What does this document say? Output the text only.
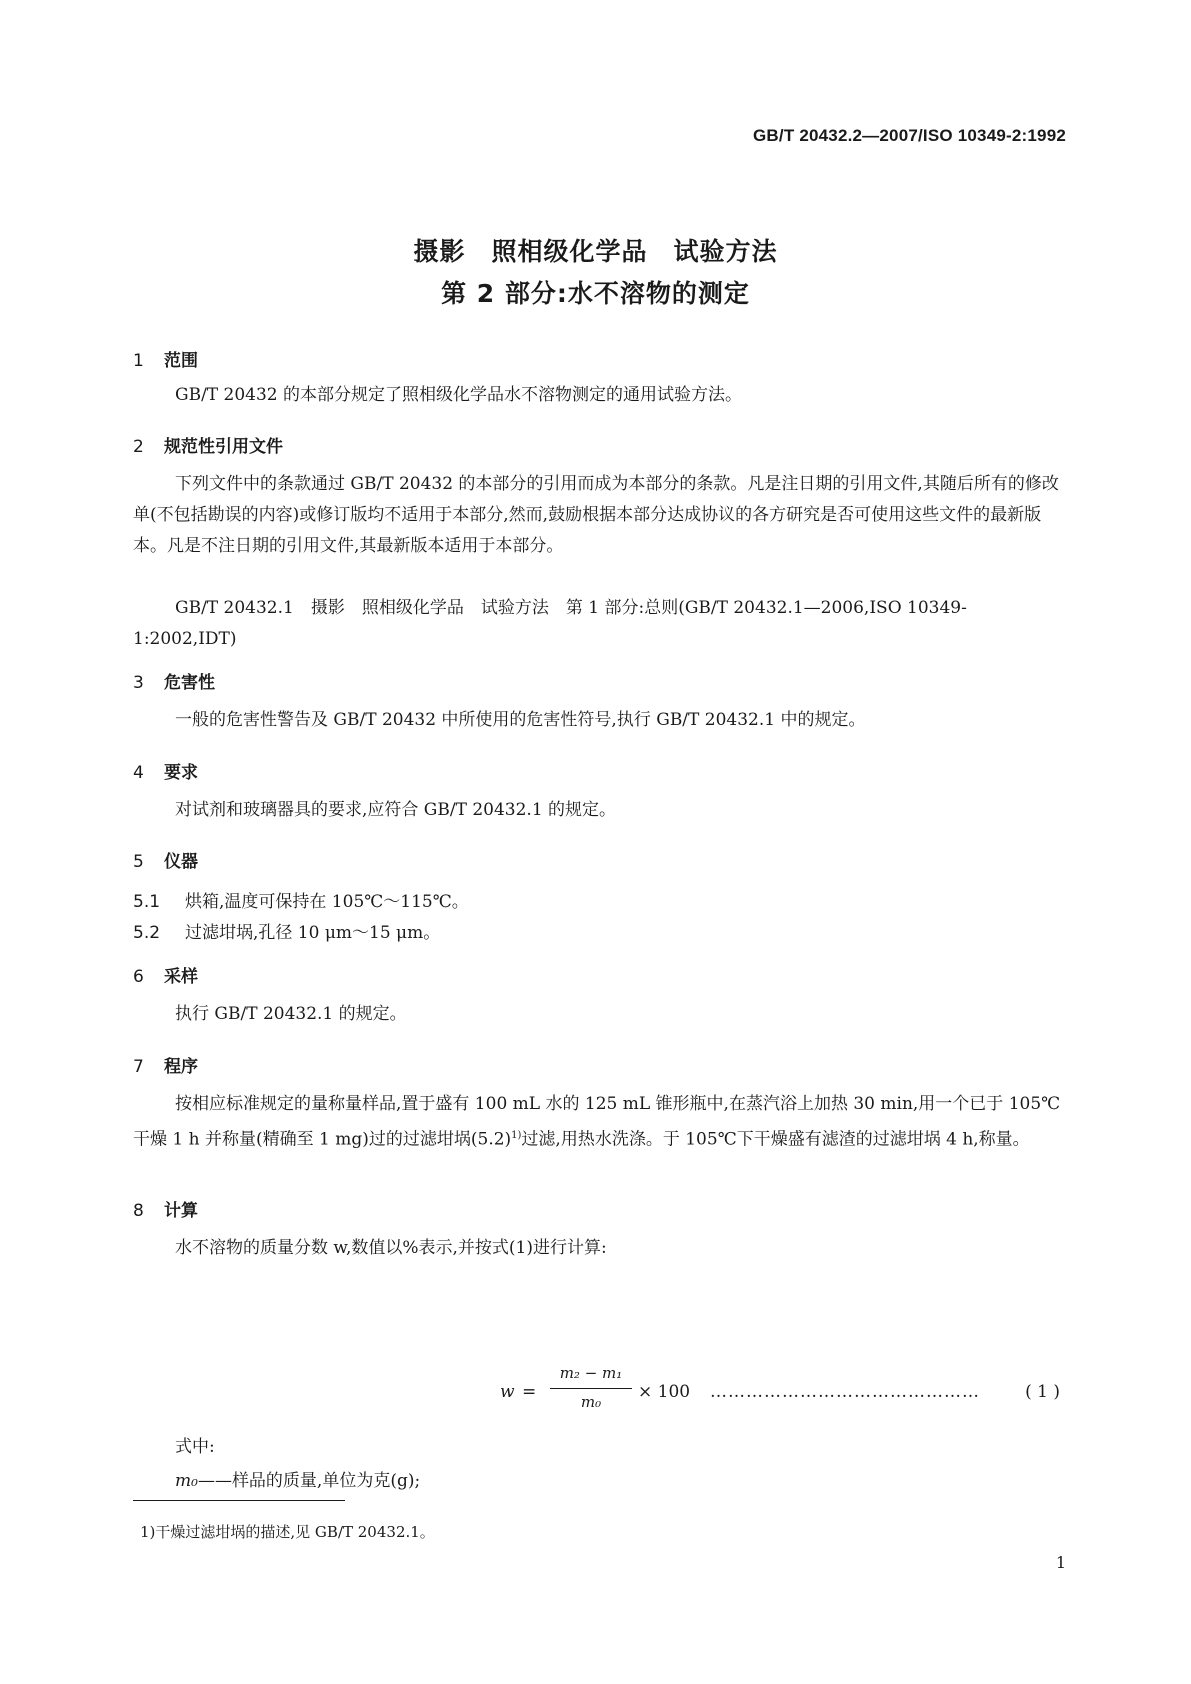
GB/T 20432.2—2007/ISO 10349-2:1992
摄影　照相级化学品　试验方法
第 2 部分:水不溶物的测定
1 范围
GB/T 20432 的本部分规定了照相级化学品水不溶物测定的通用试验方法。
2 规范性引用文件
下列文件中的条款通过 GB/T 20432 的本部分的引用而成为本部分的条款。凡是注日期的引用文件,其随后所有的修改单(不包括勘误的内容)或修订版均不适用于本部分,然而,鼓励根据本部分达成协议的各方研究是否可使用这些文件的最新版本。凡是不注日期的引用文件,其最新版本适用于本部分。
GB/T 20432.1　摄影　照相级化学品　试验方法　第 1 部分:总则(GB/T 20432.1—2006,ISO 10349-1:2002,IDT)
3 危害性
一般的危害性警告及 GB/T 20432 中所使用的危害性符号,执行 GB/T 20432.1 中的规定。
4 要求
对试剂和玻璃器具的要求,应符合 GB/T 20432.1 的规定。
5 仪器
5.1 烘箱,温度可保持在 105℃～115℃。
5.2 过滤坩埚,孔径 10 μm～15 μm。
6 采样
执行 GB/T 20432.1 的规定。
7 程序
按相应标准规定的量称量样品,置于盛有 100 mL 水的 125 mL 锥形瓶中,在蒸汽浴上加热 30 min,用一个已于 105℃干燥 1 h 并称量(精确至 1 mg)过的过滤坩埚$(5.2)^{1)}$过滤,用热水洗涤。于 105℃下干燥盛有滤渣的过滤坩埚 4 h,称量。
8 计算
水不溶物的质量分数 w,数值以%表示,并按式(1)进行计算:
w =
m₂ − m₁
m₀	× 100 ………………………………………	( 1 )
式中:
m₀——样品的质量,单位为克(g);
1)干燥过滤坩埚的描述,见 GB/T 20432.1。
1
